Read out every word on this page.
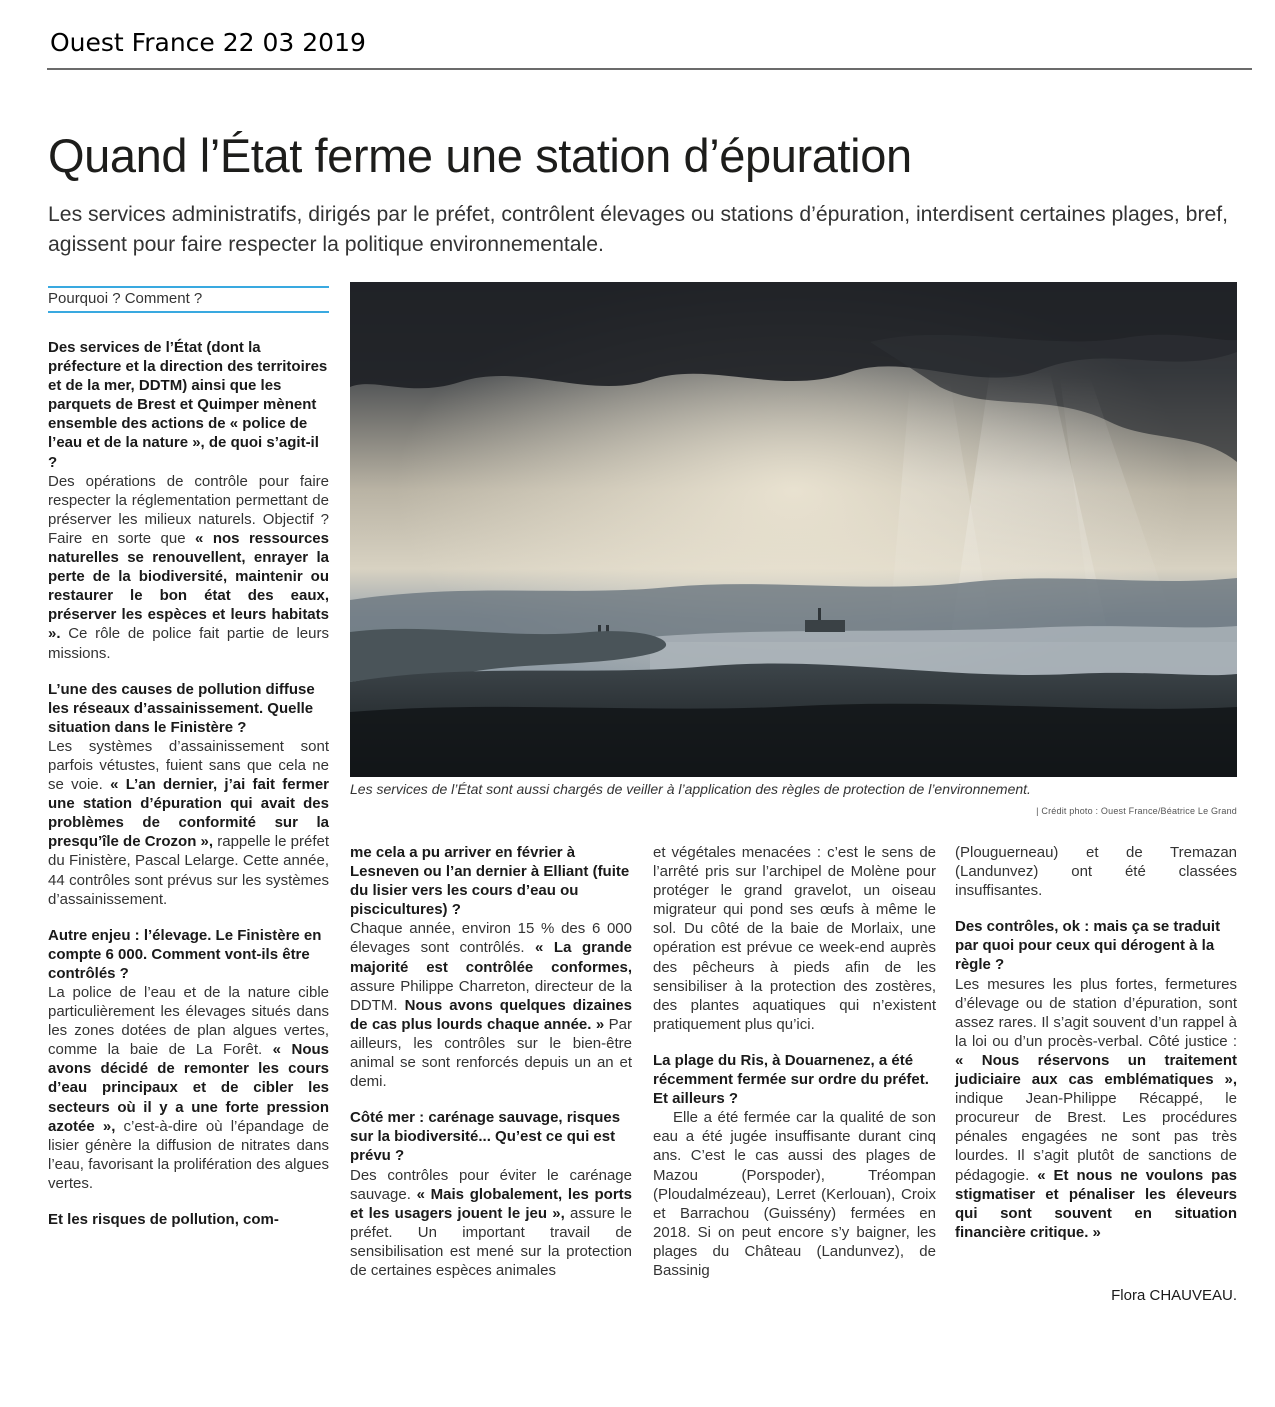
Ouest France 22 03 2019
Quand l’État ferme une station d’épuration

Les services administratifs, dirigés par le préfet, contrôlent élevages ou stations d’épuration, interdisent certaines plages, bref, agissent pour faire respecter la politique environnementale.

Pourquoi ? Comment ?

Des services de l’État (dont la préfecture et la direction des territoires et de la mer, DDTM) ainsi que les parquets de Brest et Quimper mènent ensemble des actions de « police de l’eau et de la nature », de quoi s’agit-il ?

Des opérations de contrôle pour faire respecter la réglementation permettant de préserver les milieux naturels. Objectif ? Faire en sorte que « nos ressources naturelles se renouvellent, enrayer la perte de la biodiversité, maintenir ou restaurer le bon état des eaux, préserver les espèces et leurs habitats ». Ce rôle de police fait partie de leurs missions.

L’une des causes de pollution diffuse les réseaux d’assainissement. Quelle situation dans le Finistère ?

Les systèmes d’assainissement sont parfois vétustes, fuient sans que cela ne se voie. « L’an dernier, j’ai fait fermer une station d’épuration qui avait des problèmes de conformité sur la presqu’île de Crozon », rappelle le préfet du Finistère, Pascal Lelarge. Cette année, 44 contrôles sont prévus sur les systèmes d’assainissement.

Autre enjeu : l’élevage. Le Finistère en compte 6 000. Comment vont-ils être contrôlés ?

La police de l’eau et de la nature cible particulièrement les élevages situés dans les zones dotées de plan algues vertes, comme la baie de La Forêt. « Nous avons décidé de remonter les cours d’eau principaux et de cibler les secteurs où il y a une forte pression azotée », c’est-à-dire où l’épandage de lisier génère la diffusion de nitrates dans l’eau, favorisant la prolifération des algues vertes.

Et les risques de pollution, com-

Les services de l’État sont aussi chargés de veiller à l’application des règles de protection de l’environnement.
| Crédit photo : Ouest France/Béatrice Le Grand

me cela a pu arriver en février à Lesneven ou l’an dernier à Elliant (fuite du lisier vers les cours d’eau ou piscicultures) ?

Chaque année, environ 15 % des 6 000 élevages sont contrôlés. « La grande majorité est contrôlée conformes, assure Philippe Charreton, directeur de la DDTM. Nous avons quelques dizaines de cas plus lourds chaque année. » Par ailleurs, les contrôles sur le bien-être animal se sont renforcés depuis un an et demi.

Côté mer : carénage sauvage, risques sur la biodiversité... Qu’est ce qui est prévu ?

Des contrôles pour éviter le carénage sauvage. « Mais globalement, les ports et les usagers jouent le jeu », assure le préfet. Un important travail de sensibilisation est mené sur la protection de certaines espèces animales

et végétales menacées : c’est le sens de l’arrêté pris sur l’archipel de Molène pour protéger le grand gravelot, un oiseau migrateur qui pond ses œufs à même le sol. Du côté de la baie de Morlaix, une opération est prévue ce week-end auprès des pêcheurs à pieds afin de les sensibiliser à la protection des zostères, des plantes aquatiques qui n’existent pratiquement plus qu’ici.

La plage du Ris, à Douarnenez, a été récemment fermée sur ordre du préfet. Et ailleurs ?

Elle a été fermée car la qualité de son eau a été jugée insuffisante durant cinq ans. C’est le cas aussi des plages de Mazou (Porspoder), Tréompan (Ploudalmézeau), Lerret (Kerlouan), Croix et Barrachou (Guissény) fermées en 2018. Si on peut encore s’y baigner, les plages du Château (Landunvez), de Bassinig

(Plouguerneau) et de Tremazan (Landunvez) ont été classées insuffisantes.

Des contrôles, ok : mais ça se traduit par quoi pour ceux qui dérogent à la règle ?

Les mesures les plus fortes, fermetures d’élevage ou de station d’épuration, sont assez rares. Il s’agit souvent d’un rappel à la loi ou d’un procès-verbal. Côté justice : « Nous réservons un traitement judiciaire aux cas emblématiques », indique Jean-Philippe Récappé, le procureur de Brest. Les procédures pénales engagées ne sont pas très lourdes. Il s’agit plutôt de sanctions de pédagogie. « Et nous ne voulons pas stigmatiser et pénaliser les éleveurs qui sont souvent en situation financière critique. »

Flora CHAUVEAU.
